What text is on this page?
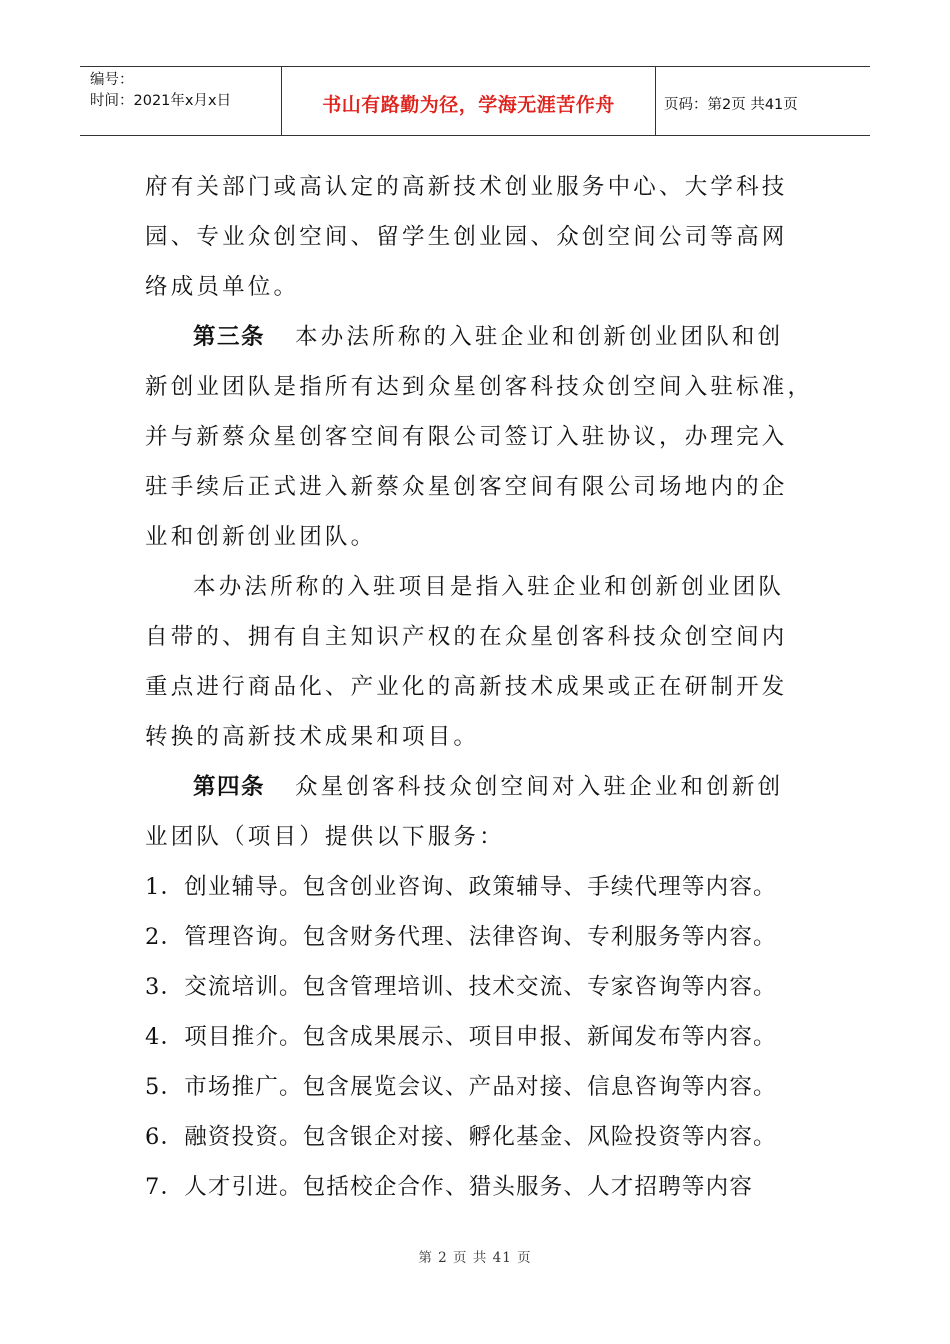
编号：
时间：2021年x月x日	书山有路勤为径，学海无涯苦作舟	页码：第2页 共41页
府有关部门或高认定的高新技术创业服务中心、大学科技
园、专业众创空间、留学生创业园、众创空间公司等高网
络成员单位。
第三条 本办法所称的入驻企业和创新创业团队和创
新创业团队是指所有达到众星创客科技众创空间入驻标准，
并与新蔡众星创客空间有限公司签订入驻协议，办理完入
驻手续后正式进入新蔡众星创客空间有限公司场地内的企
业和创新创业团队。
本办法所称的入驻项目是指入驻企业和创新创业团队
自带的、拥有自主知识产权的在众星创客科技众创空间内
重点进行商品化、产业化的高新技术成果或正在研制开发
转换的高新技术成果和项目。
第四条 众星创客科技众创空间对入驻企业和创新创
业团队（项目）提供以下服务：
1．创业辅导。包含创业咨询、政策辅导、手续代理等内容。
2．管理咨询。包含财务代理、法律咨询、专利服务等内容。
3．交流培训。包含管理培训、技术交流、专家咨询等内容。
4．项目推介。包含成果展示、项目申报、新闻发布等内容。
5．市场推广。包含展览会议、产品对接、信息咨询等内容。
6．融资投资。包含银企对接、孵化基金、风险投资等内容。
7．人才引进。包括校企合作、猎头服务、人才招聘等内容
第 2 页 共 41 页
